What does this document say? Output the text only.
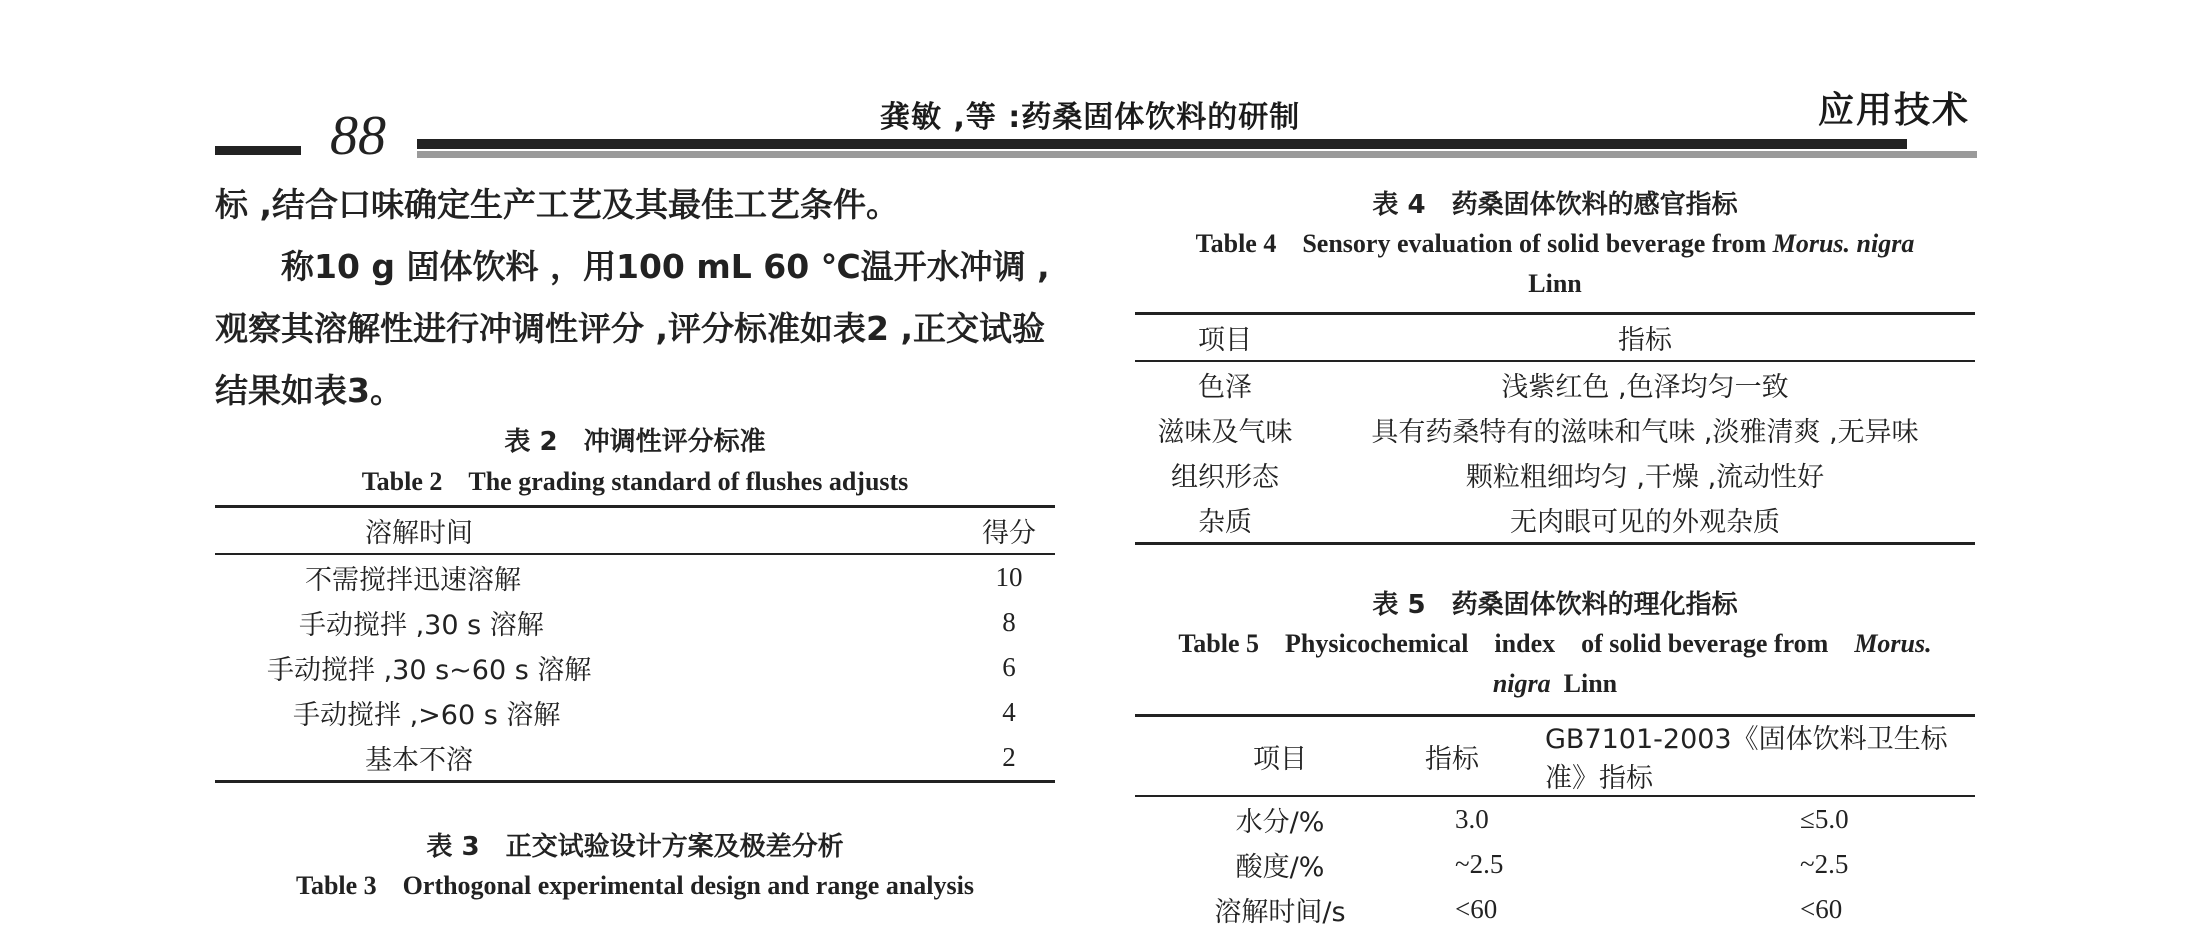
88	龚敏 ,等 :药桑固体饮料的研制	应用技术

标 ,结合口味确定生产工艺及其最佳工艺条件。

称10 g 固体饮料 ，用100 mL 60 ℃温开水冲调 ,观察其溶解性进行冲调性评分 ,评分标准如表2 ,正交试验结果如表3。

表 2　冲调性评分标准
Table 2　The grading standard of flushes adjusts
溶解时间	得分
不需搅拌迅速溶解	10
手动搅拌 ,30 s 溶解	8
手动搅拌 ,30 s~60 s 溶解	6
手动搅拌 ,>60 s 溶解	4
基本不溶	2
表 3　正交试验设计方案及极差分析
Table 3　Orthogonal experimental design and range analysis
表 4　药桑固体饮料的感官指标
Table 4　Sensory evaluation of solid beverage from Morus. nigra
Linn
项目	指标
色泽	浅紫红色 ,色泽均匀一致
滋味及气味	具有药桑特有的滋味和气味 ,淡雅清爽 ,无异味
组织形态	颗粒粗细均匀 ,干燥 ,流动性好
杂质	无肉眼可见的外观杂质
表 5　药桑固体饮料的理化指标
Table 5　Physicochemical　index　of solid beverage from　Morus.
nigra Linn
项目	指标	GB7101-2003《固体饮料卫生标准》指标
水分/%	3.0	≤5.0
酸度/%	~2.5	~2.5
溶解时间/s	<60	<60
